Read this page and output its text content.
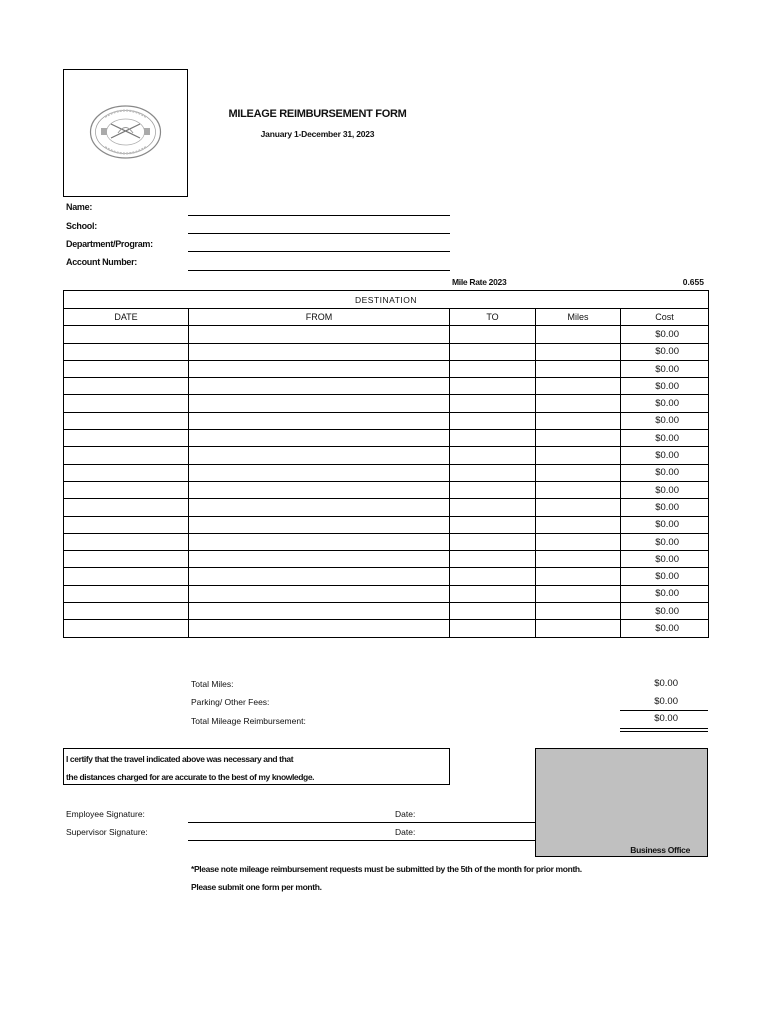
MILEAGE REIMBURSEMENT FORM
January 1-December 31, 2023
Name:
School:
Department/Program:
Account Number:
Mile Rate 2023	0.655
DESTINATION				
DATE	FROM	TO	Miles	Cost
				$0.00
				$0.00
				$0.00
				$0.00
				$0.00
				$0.00
				$0.00
				$0.00
				$0.00
				$0.00
				$0.00
				$0.00
				$0.00
				$0.00
				$0.00
				$0.00
				$0.00
				$0.00
Total Miles:	$0.00
Parking/ Other Fees:	$0.00
Total Mileage Reimbursement:	$0.00
I certify that the travel indicated above was necessary and that
the distances charged for are accurate to the best of my knowledge.
Business Office
Employee Signature:	Date:
Supervisor Signature:	Date:
*Please note mileage reimbursement requests must be submitted by the 5th of the month for prior month.
Please submit one form per month.
